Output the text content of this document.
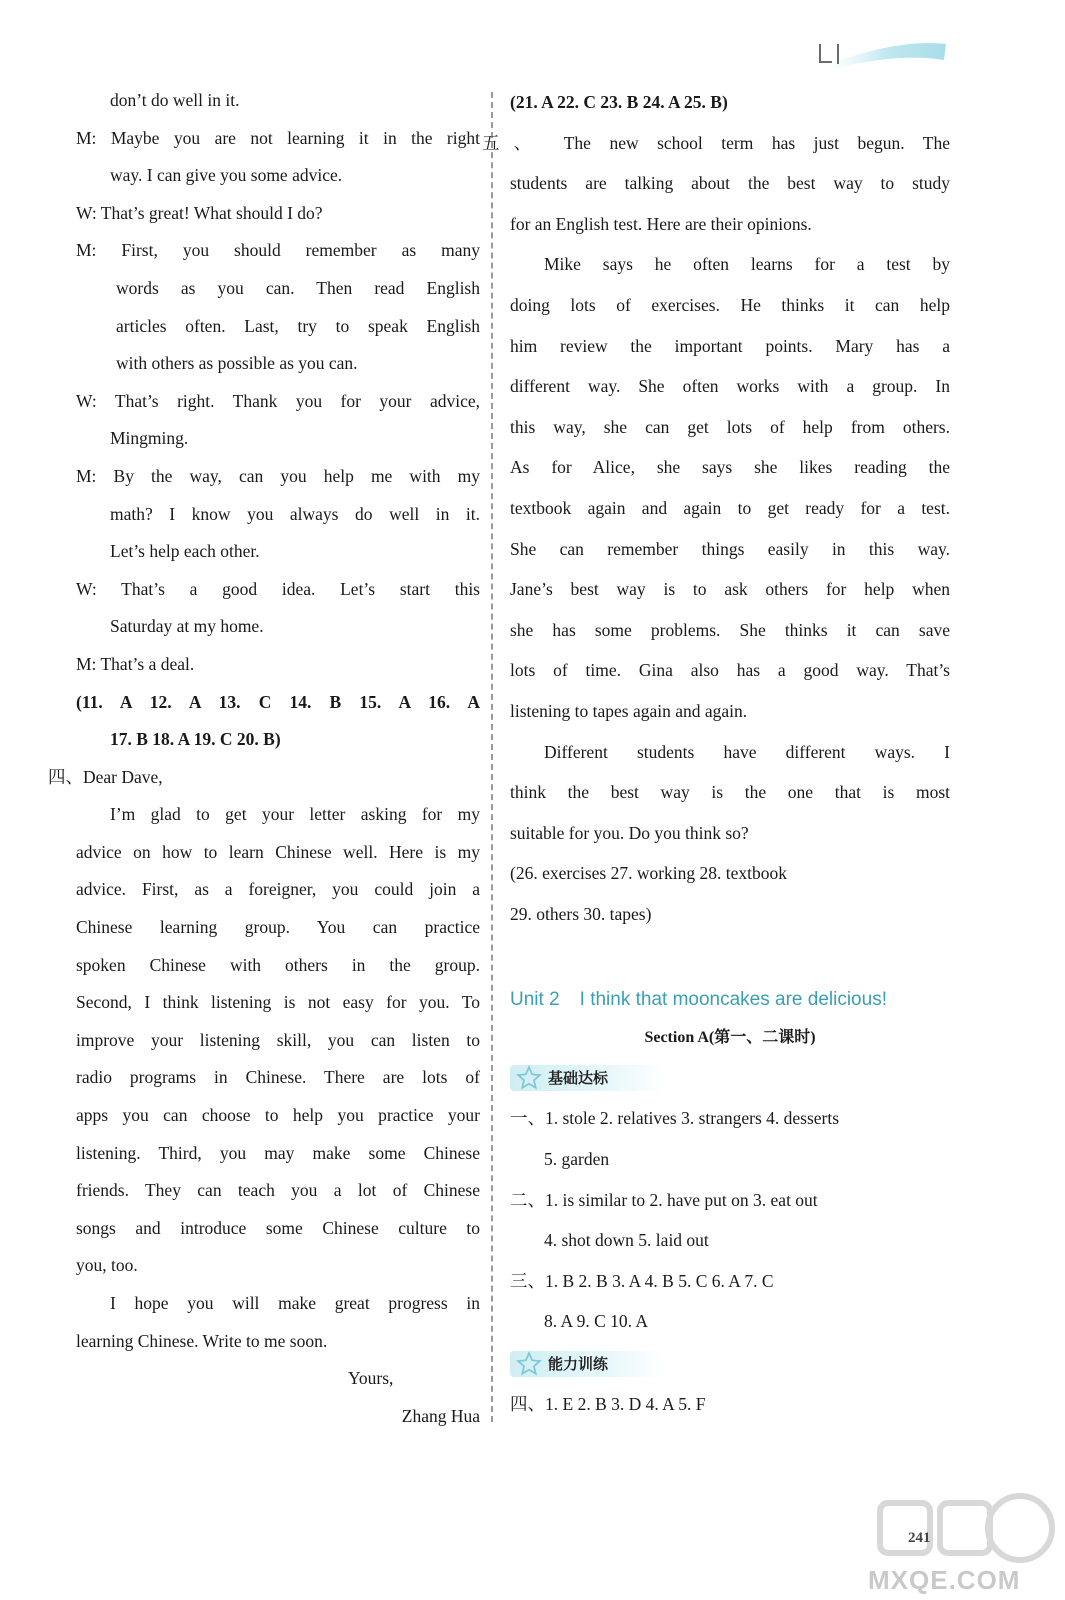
don’t do well in it.
M: Maybe you are not learning it in the right
way. I can give you some advice.
W: That’s great! What should I do?
M: First, you should remember as many
words as you can. Then read English
articles often. Last, try to speak English
with others as possible as you can.
W: That’s right. Thank you for your advice,
Mingming.
M: By the way, can you help me with my
math? I know you always do well in it.
Let’s help each other.
W: That’s a good idea. Let’s start this
Saturday at my home.
M: That’s a deal.
(11. A 12. A 13. C 14. B 15. A 16. A
17. B 18. A 19. C 20. B)
四、Dear Dave,
I’m glad to get your letter asking for my
advice on how to learn Chinese well. Here is my
advice. First, as a foreigner, you could join a
Chinese learning group. You can practice
spoken Chinese with others in the group.
Second, I think listening is not easy for you. To
improve your listening skill, you can listen to
radio programs in Chinese. There are lots of
apps you can choose to help you practice your
listening. Third, you may make some Chinese
friends. They can teach you a lot of Chinese
songs and introduce some Chinese culture to
you, too.
I hope you will make great progress in
learning Chinese. Write to me soon.
Yours,
Zhang Hua
(21. A 22. C 23. B 24. A 25. B)
五、 The new school term has just begun. The
students are talking about the best way to study
for an English test. Here are their opinions.
Mike says he often learns for a test by
doing lots of exercises. He thinks it can help
him review the important points. Mary has a
different way. She often works with a group. In
this way, she can get lots of help from others.
As for Alice, she says she likes reading the
textbook again and again to get ready for a test.
She can remember things easily in this way.
Jane’s best way is to ask others for help when
she has some problems. She thinks it can save
lots of time. Gina also has a good way. That’s
listening to tapes again and again.
Different students have different ways. I
think the best way is the one that is most
suitable for you. Do you think so?
(26. exercises 27. working 28. textbook
29. others 30. tapes)
Unit 2 I think that mooncakes are delicious!
Section A(第一、二课时)
基础达标
一、1. stole 2. relatives 3. strangers 4. desserts
5. garden
二、1. is similar to 2. have put on 3. eat out
4. shot down 5. laid out
三、1. B 2. B 3. A 4. B 5. C 6. A 7. C
8. A 9. C 10. A
能力训练
四、1. E 2. B 3. D 4. A 5. F
241
MXQE.COM
